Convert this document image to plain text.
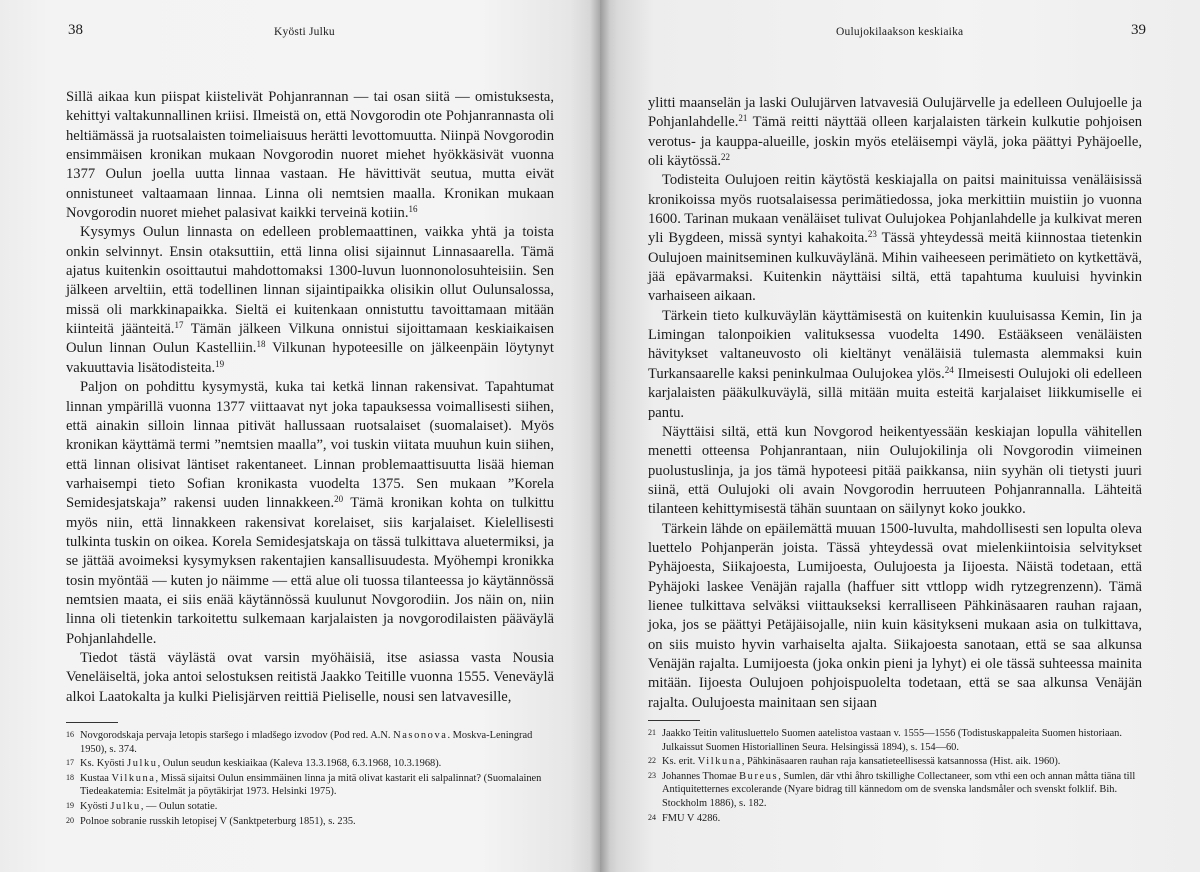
38	Kyösti Julku

Sillä aikaa kun piispat kiistelivät Pohjanrannan — tai osan siitä — omistuksesta, kehittyi valtakunnallinen kriisi. Ilmeistä on, että Novgorodin ote Pohjanrannasta oli heltiämässä ja ruotsalaisten toimeliaisuus herätti levottomuutta. Niinpä Novgorodin ensimmäisen kronikan mukaan Novgorodin nuoret miehet hyökkäsivät vuonna 1377 Oulun joella uutta linnaa vastaan. He hävittivät seutua, mutta eivät onnistuneet valtaamaan linnaa. Linna oli nemtsien maalla. Kronikan mukaan Novgorodin nuoret miehet palasivat kaikki terveinä kotiin.$^{16}$

Kysymys Oulun linnasta on edelleen problemaattinen, vaikka yhtä ja toista onkin selvinnyt. Ensin otaksuttiin, että linna olisi sijainnut Linnasaarella. Tämä ajatus kuitenkin osoittautui mahdottomaksi 1300-luvun luonnonolosuhteisiin. Sen jälkeen arveltiin, että todellinen linnan sijaintipaikka olisikin ollut Oulunsalossa, missä oli markkinapaikka. Sieltä ei kuitenkaan onnistuttu tavoittamaan mitään kiinteitä jäänteitä.$^{17}$ Tämän jälkeen Vilkuna onnistui sijoittamaan keskiaikaisen Oulun linnan Oulun Kastelliin.$^{18}$ Vilkunan hypoteesille on jälkeenpäin löytynyt vakuuttavia lisätodisteita.$^{19}$

Paljon on pohdittu kysymystä, kuka tai ketkä linnan rakensivat. Tapahtumat linnan ympärillä vuonna 1377 viittaavat nyt joka tapauksessa voimallisesti siihen, että ainakin silloin linnaa pitivät hallussaan ruotsalaiset (suomalaiset). Myös kronikan käyttämä termi ”nemtsien maalla”, voi tuskin viitata muuhun kuin siihen, että linnan olisivat läntiset rakentaneet. Linnan problemaattisuutta lisää hieman varhaisempi tieto Sofian kronikasta vuodelta 1375. Sen mukaan ”Korela Semidesjatskaja” rakensi uuden linnakkeen.$^{20}$ Tämä kronikan kohta on tulkittu myös niin, että linnakkeen rakensivat korelaiset, siis karjalaiset. Kielellisesti tulkinta tuskin on oikea. Korela Semidesjatskaja on tässä tulkittava aluetermiksi, ja se jättää avoimeksi kysymyksen rakentajien kansallisuudesta. Myöhempi kronikka tosin myöntää — kuten jo näimme — että alue oli tuossa tilanteessa jo käytännössä nemtsien maata, ei siis enää käytännössä kuulunut Novgorodiin. Jos näin on, niin linna oli tietenkin tarkoitettu sulkemaan karjalaisten ja novgorodilaisten pääväylä Pohjanlahdelle.

Tiedot tästä väylästä ovat varsin myöhäisiä, itse asiassa vasta Nousia Veneläiseltä, joka antoi selostuksen reitistä Jaakko Teitille vuonna 1555. Veneväylä alkoi Laatokalta ja kulki Pielisjärven reittiä Pieliselle, nousi sen latvavesille,

16 Novgorodskaja pervaja letopis staršego i mladšego izvodov (Pod red. A.N. Nasonova. Moskva-Leningrad 1950), s. 374.
17 Ks. Kyösti Julku, Oulun seudun keskiaikaa (Kaleva 13.3.1968, 6.3.1968, 10.3.1968).
18 Kustaa Vilkuna, Missä sijaitsi Oulun ensimmäinen linna ja mitä olivat kastarit eli salpalinnat? (Suomalainen Tiedeakatemia: Esitelmät ja pöytäkirjat 1973. Helsinki 1975).
19 Kyösti Julku, — Oulun sotatie.
20 Polnoe sobranie russkih letopisej V (Sanktpeterburg 1851), s. 235.
Oulujokilaakson keskiaika	39

ylitti maanselän ja laski Oulujärven latvavesiä Oulujärvelle ja edelleen Oulujoelle ja Pohjanlahdelle.$^{21}$ Tämä reitti näyttää olleen karjalaisten tärkein kulkutie pohjoisen verotus- ja kauppa-alueille, joskin myös eteläisempi väylä, joka päättyi Pyhäjoelle, oli käytössä.$^{22}$

Todisteita Oulujoen reitin käytöstä keskiajalla on paitsi mainituissa venäläisissä kronikoissa myös ruotsalaisessa perimätiedossa, joka merkittiin muistiin jo vuonna 1600. Tarinan mukaan venäläiset tulivat Oulujokea Pohjanlahdelle ja kulkivat meren yli Bygdeen, missä syntyi kahakoita.$^{23}$ Tässä yhteydessä meitä kiinnostaa tietenkin Oulujoen mainitseminen kulkuväylänä. Mihin vaiheeseen perimätieto on kytkettävä, jää epävarmaksi. Kuitenkin näyttäisi siltä, että tapahtuma kuuluisi hyvinkin varhaiseen aikaan.

Tärkein tieto kulkuväylän käyttämisestä on kuitenkin kuuluisassa Kemin, Iin ja Limingan talonpoikien valituksessa vuodelta 1490. Estääkseen venäläisten hävitykset valtaneuvosto oli kieltänyt venäläisiä tulemasta alemmaksi kuin Turkansaarelle kaksi peninkulmaa Oulujokea ylös.$^{24}$ Ilmeisesti Oulujoki oli edelleen karjalaisten pääkulkuväylä, sillä mitään muita esteitä karjalaiset liikkumiselle ei pantu.

Näyttäisi siltä, että kun Novgorod heikentyessään keskiajan lopulla vähitellen menetti otteensa Pohjanrantaan, niin Oulujokilinja oli Novgorodin viimeinen puolustuslinja, ja jos tämä hypoteesi pitää paikkansa, niin syyhän oli tietysti juuri siinä, että Oulujoki oli avain Novgorodin herruuteen Pohjanrannalla. Lähteitä tilanteen kehittymisestä tähän suuntaan on säilynyt koko joukko.

Tärkein lähde on epäilemättä muuan 1500-luvulta, mahdollisesti sen lopulta oleva luettelo Pohjanperän joista. Tässä yhteydessä ovat mielenkiintoisia selvitykset Pyhäjoesta, Siikajoesta, Lumijoesta, Oulujoesta ja Iijoesta. Näistä todetaan, että Pyhäjoki laskee Venäjän rajalla (haffuer sitt vttlopp widh rytzegrenzenn). Tämä lienee tulkittava selväksi viittaukseksi kerralliseen Pähkinäsaaren rauhan rajaan, joka, jos se päättyi Petäjäisojalle, niin kuin käsitykseni mukaan asia on tulkittava, on siis muisto hyvin varhaiselta ajalta. Siikajoesta sanotaan, että se saa alkunsa Venäjän rajalta. Lumijoesta (joka onkin pieni ja lyhyt) ei ole tässä suhteessa mainita mitään. Iijoesta Oulujoen pohjoispuolelta todetaan, että se saa alkunsa Venäjän rajalta. Oulujoesta mainitaan sen sijaan

21 Jaakko Teitin valitusluettelo Suomen aatelistoa vastaan v. 1555—1556 (Todistuskappaleita Suomen historiaan. Julkaissut Suomen Historiallinen Seura. Helsingissä 1894), s. 154—60.
22 Ks. erit. Vilkuna, Pähkinäsaaren rauhan raja kansatieteellisessä katsannossa (Hist. aik. 1960).
23 Johannes Thomae Bureus, Sumlen, där vthi åhro tskillighe Collectaneer, som vthi een och annan måtta tiäna till Antiquitetternes excolerande (Nyare bidrag till kännedom om de svenska landsmåler och svenskt folklif. Bih. Stockholm 1886), s. 182.
24 FMU V 4286.
